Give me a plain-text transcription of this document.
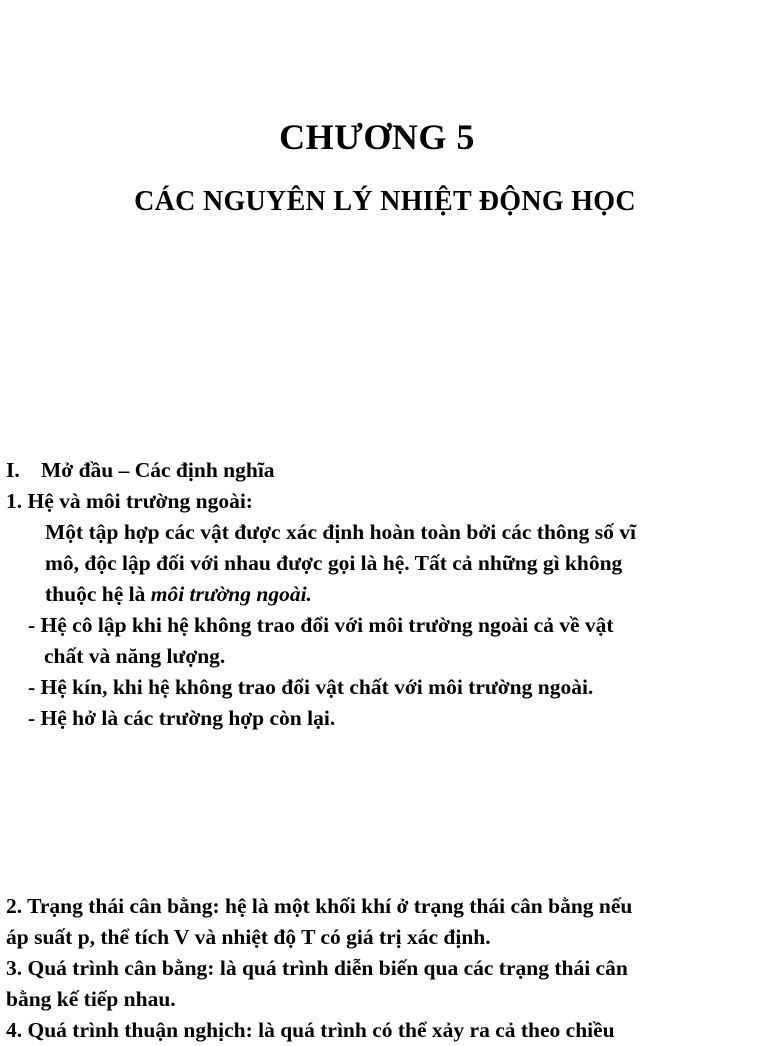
CHƯƠNG 5
CÁC NGUYÊN LÝ NHIỆT ĐỘNG HỌC
I. Mở đầu – Các định nghĩa
1. Hệ và môi trường ngoài:
Một tập hợp các vật được xác định hoàn toàn bởi các thông số vĩ
mô, độc lập đối với nhau được gọi là hệ. Tất cả những gì không
thuộc hệ là môi trường ngoài.
- Hệ cô lập khi hệ không trao đổi với môi trường ngoài cả về vật
chất và năng lượng.
- Hệ kín, khi hệ không trao đổi vật chất với môi trường ngoài.
- Hệ hở là các trường hợp còn lại.
2. Trạng thái cân bằng: hệ là một khối khí ở trạng thái cân bằng nếu
áp suất p, thể tích V và nhiệt độ T có giá trị xác định.
3. Quá trình cân bằng: là quá trình diễn biến qua các trạng thái cân
bằng kế tiếp nhau.
4. Quá trình thuận nghịch: là quá trình có thể xảy ra cả theo chiều
